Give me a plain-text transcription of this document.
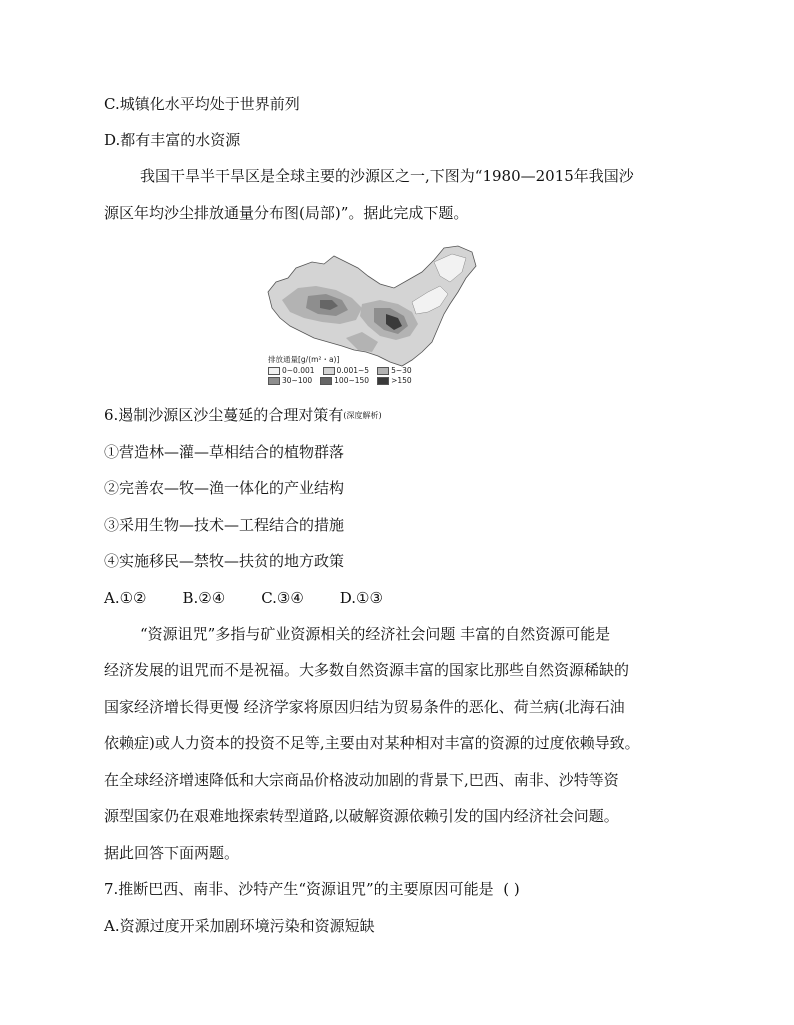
C.城镇化水平均处于世界前列
D.都有丰富的水资源
我国干旱半干旱区是全球主要的沙源区之一,下图为“1980—2015年我国沙
源区年均沙尘排放通量分布图(局部)”。据此完成下题。
排放通量[g/(m²・a)]
0~0.001	0.001~5	5~30
30~100	100~150	>150
6.遏制沙源区沙尘蔓延的合理对策有(深度解析)
①营造林—灌—草相结合的植物群落
②完善农—牧—渔一体化的产业结构
③采用生物—技术—工程结合的措施
④实施移民—禁牧—扶贫的地方政策
A.①② B.②④ C.③④ D.①③
“资源诅咒”多指与矿业资源相关的经济社会问题 丰富的自然资源可能是
经济发展的诅咒而不是祝福。大多数自然资源丰富的国家比那些自然资源稀缺的
国家经济增长得更慢 经济学家将原因归结为贸易条件的恶化、荷兰病(北海石油
依赖症)或人力资本的投资不足等,主要由对某种相对丰富的资源的过度依赖导致。
在全球经济增速降低和大宗商品价格波动加剧的背景下,巴西、南非、沙特等资
源型国家仍在艰难地探索转型道路,以破解资源依赖引发的国内经济社会问题。
据此回答下面两题。
7.推断巴西、南非、沙特产生“资源诅咒”的主要原因可能是 ( )
A.资源过度开采加剧环境污染和资源短缺
